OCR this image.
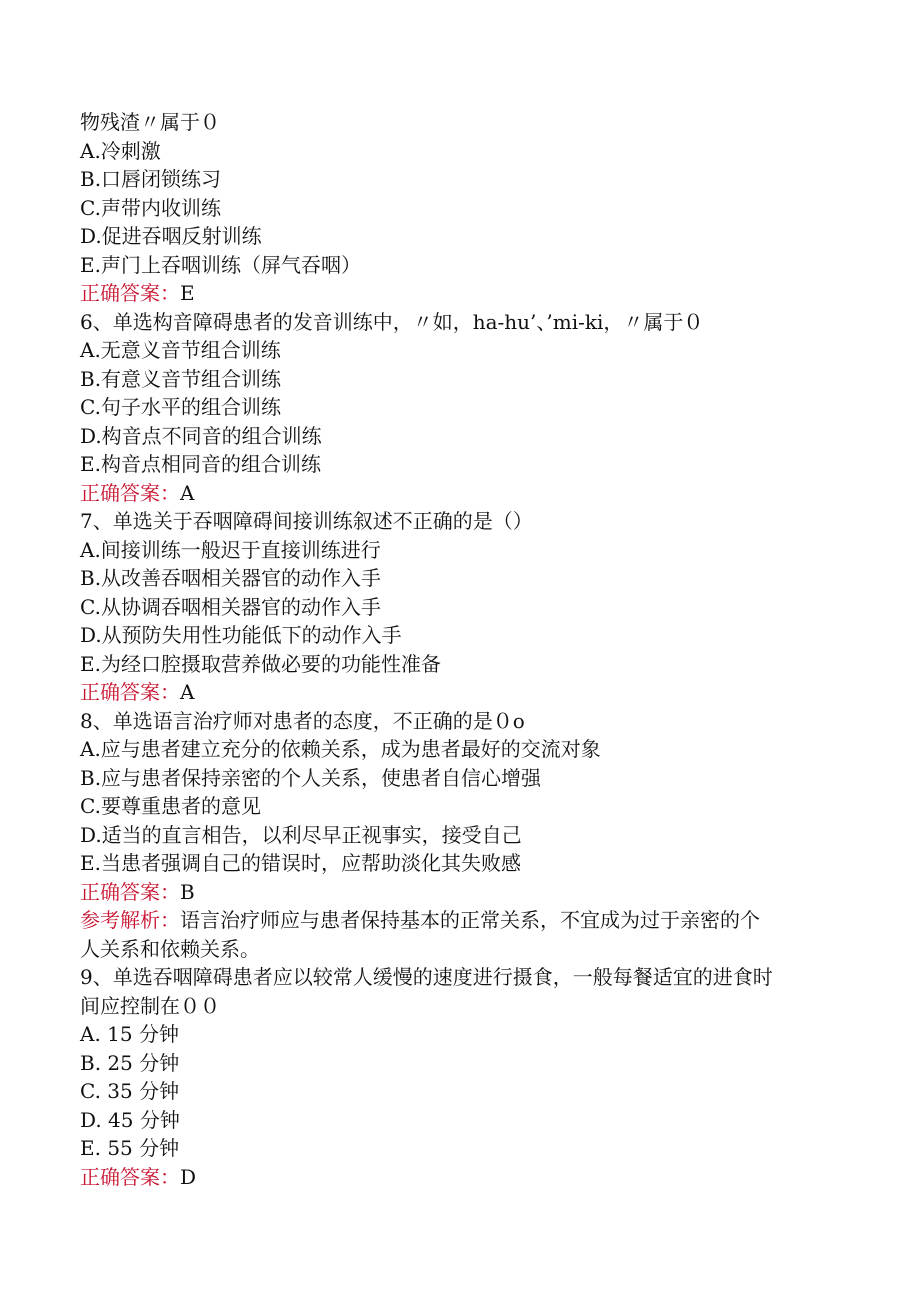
物残渣〃属于０
A.冷刺激
B.口唇闭锁练习
C.声带内收训练
D.促进吞咽反射训练
E.声门上吞咽训练（屏气吞咽）
正确答案：E
6、单选构音障碍患者的发音训练中，〃如，ha-hu’、’mi-ki，〃属于０
A.无意义音节组合训练
B.有意义音节组合训练
C.句子水平的组合训练
D.构音点不同音的组合训练
E.构音点相同音的组合训练
正确答案：A
7、单选关于吞咽障碍间接训练叙述不正确的是（）
A.间接训练一般迟于直接训练进行
B.从改善吞咽相关器官的动作入手
C.从协调吞咽相关器官的动作入手
D.从预防失用性功能低下的动作入手
E.为经口腔摄取营养做必要的功能性准备
正确答案：A
8、单选语言治疗师对患者的态度，不正确的是０o
A.应与患者建立充分的依赖关系，成为患者最好的交流对象
B.应与患者保持亲密的个人关系，使患者自信心增强
C.要尊重患者的意见
D.适当的直言相告，以利尽早正视事实，接受自己
E.当患者强调自己的错误时，应帮助淡化其失败感
正确答案：B
参考解析：语言治疗师应与患者保持基本的正常关系，不宜成为过于亲密的个
人关系和依赖关系。
9、单选吞咽障碍患者应以较常人缓慢的速度进行摄食，一般每餐适宜的进食时
间应控制在００
A. 15 分钟
B. 25 分钟
C. 35 分钟
D. 45 分钟
E. 55 分钟
正确答案：D
